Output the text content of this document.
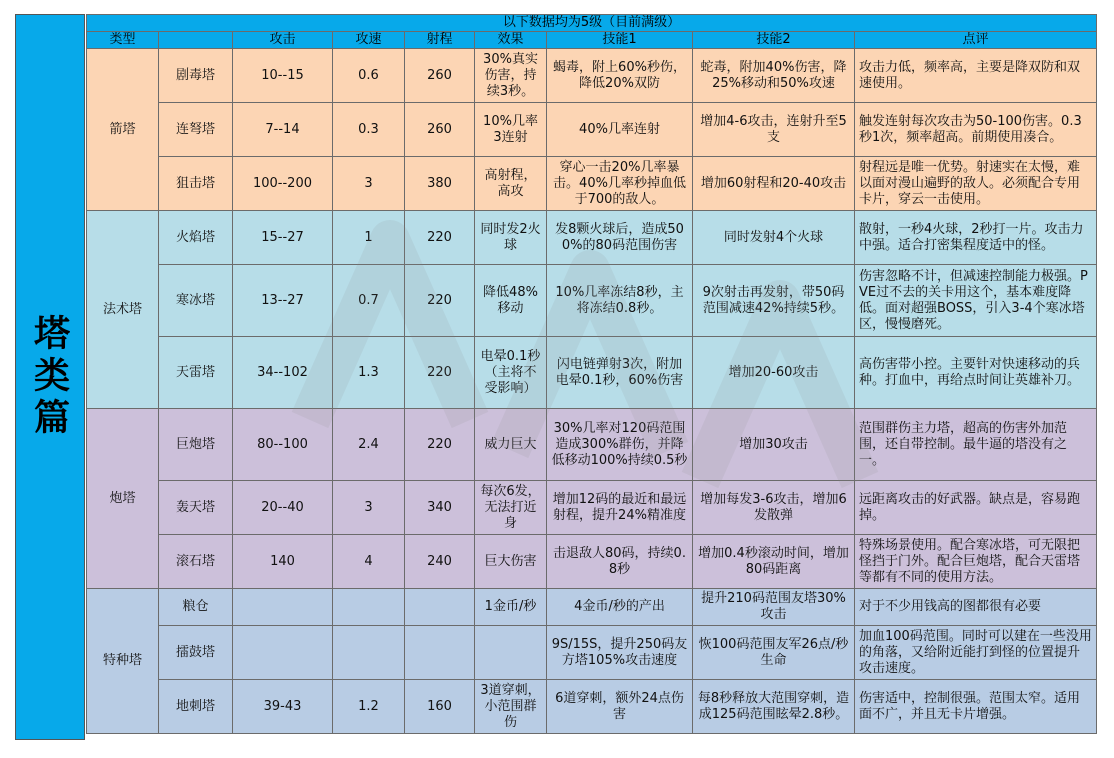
塔类篇
以下数据均为5级（目前满级）								
类型		攻击	攻速	射程	效果	技能1	技能2	点评
箭塔	剧毒塔	10--15	0.6	260	30%真实伤害，持续3秒。	蝎毒，附上60%秒伤，降低20%双防	蛇毒，附加40%伤害，降25%移动和50%攻速	攻击力低，频率高，主要是降双防和双速使用。
	连弩塔	7--14	0.3	260	10%几率3连射	40%几率连射	增加4-6攻击，连射升至5支	触发连射每次攻击为50-100伤害。0.3秒1次，频率超高。前期使用凑合。
	狙击塔	100--200	3	380	高射程，高攻	穿心一击20%几率暴击。40%几率秒掉血低于700的敌人。	增加60射程和20-40攻击	射程远是唯一优势。射速实在太慢，难以面对漫山遍野的敌人。必须配合专用卡片，穿云一击使用。
法术塔	火焰塔	15--27	1	220	同时发2火球	发8颗火球后，造成500%的80码范围伤害	同时发射4个火球	散射，一秒4火球，2秒打一片。攻击力中强。适合打密集程度适中的怪。
	寒冰塔	13--27	0.7	220	降低48%移动	10%几率冻结8秒，主将冻结0.8秒。	9次射击再发射，带50码范围减速42%持续5秒。	伤害忽略不计，但减速控制能力极强。PVE过不去的关卡用这个，基本难度降低。面对超强BOSS，引入3-4个寒冰塔区，慢慢磨死。
	天雷塔	34--102	1.3	220	电晕0.1秒（主将不受影响）	闪电链弹射3次，附加电晕0.1秒，60%伤害	增加20-60攻击	高伤害带小控。主要针对快速移动的兵种。打血中，再给点时间让英雄补刀。
炮塔	巨炮塔	80--100	2.4	220	威力巨大	30%几率对120码范围造成300%群伤，并降低移动100%持续0.5秒	增加30攻击	范围群伤主力塔，超高的伤害外加范围，还自带控制。最牛逼的塔没有之一。
	轰天塔	20--40	3	340	每次6发，无法打近身	增加12码的最近和最远射程，提升24%精准度	增加每发3-6攻击，增加6发散弹	远距离攻击的好武器。缺点是，容易跑掉。
	滚石塔	140	4	240	巨大伤害	击退敌人80码，持续0.8秒	增加0.4秒滚动时间，增加80码距离	特殊场景使用。配合寒冰塔，可无限把怪挡于门外。配合巨炮塔，配合天雷塔等都有不同的使用方法。
特种塔	粮仓				1金币/秒	4金币/秒的产出	提升210码范围友塔30%攻击	对于不少用钱高的图都很有必要
	擂鼓塔					9S/15S，提升250码友方塔105%攻击速度	恢100码范围友军26点/秒生命	加血100码范围。同时可以建在一些没用的角落，又给附近能打到怪的位置提升攻击速度。
	地刺塔	39-43	1.2	160	3道穿刺，小范围群伤	6道穿刺，额外24点伤害	每8秒释放大范围穿刺，造成125码范围眩晕2.8秒。	伤害适中，控制很强。范围太窄。适用面不广，并且无卡片增强。
